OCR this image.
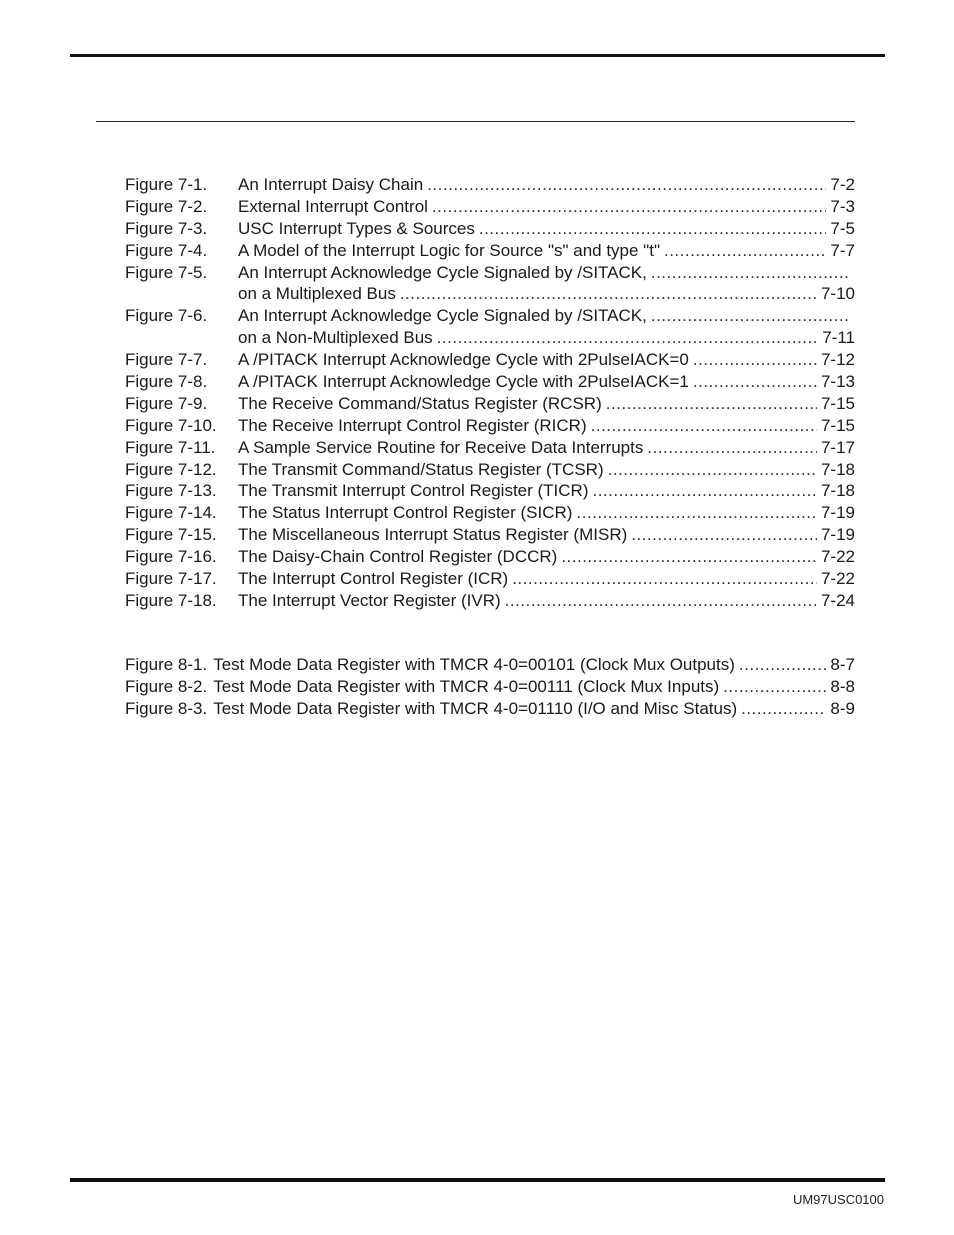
Figure 7-1.	An Interrupt Daisy Chain .....	7-2
Figure 7-2.	External Interrupt Control .....	7-3
Figure 7-3.	USC Interrupt Types & Sources .....	7-5
Figure 7-4.	A Model of the Interrupt Logic for Source "s" and type "t" .....	7-7
Figure 7-5.	An Interrupt Acknowledge Cycle Signaled by /SITACK,
.....
on a Multiplexed Bus .....	7-10
Figure 7-6.	An Interrupt Acknowledge Cycle Signaled by /SITACK,
.....
on a Non-Multiplexed Bus .....	7-11
Figure 7-7.	A /PITACK Interrupt Acknowledge Cycle with 2PulseIACK=0 .....	7-12
Figure 7-8.	A /PITACK Interrupt Acknowledge Cycle with 2PulseIACK=1 .....	7-13
Figure 7-9.	The Receive Command/Status Register (RCSR) .....	7-15
Figure 7-10.	The Receive Interrupt Control Register (RICR) .....	7-15
Figure 7-11.	A Sample Service Routine for Receive Data Interrupts .....	7-17
Figure 7-12.	The Transmit Command/Status Register (TCSR) .....	7-18
Figure 7-13.	The Transmit Interrupt Control Register (TICR) .....	7-18
Figure 7-14.	The Status Interrupt Control Register (SICR) .....	7-19
Figure 7-15.	The Miscellaneous Interrupt Status Register (MISR) .....	7-19
Figure 7-16.	The Daisy-Chain Control Register (DCCR) .....	7-22
Figure 7-17.	The Interrupt Control Register (ICR) .....	7-22
Figure 7-18.	The Interrupt Vector Register (IVR) .....	7-24
Figure 8-1. Test Mode Data Register with TMCR 4-0=00101 (Clock Mux Outputs) .....	8-7
Figure 8-2. Test Mode Data Register with TMCR 4-0=00111 (Clock Mux Inputs) .....	8-8
Figure 8-3. Test Mode Data Register with TMCR 4-0=01110 (I/O and Misc Status) .....	8-9
UM97USC0100
